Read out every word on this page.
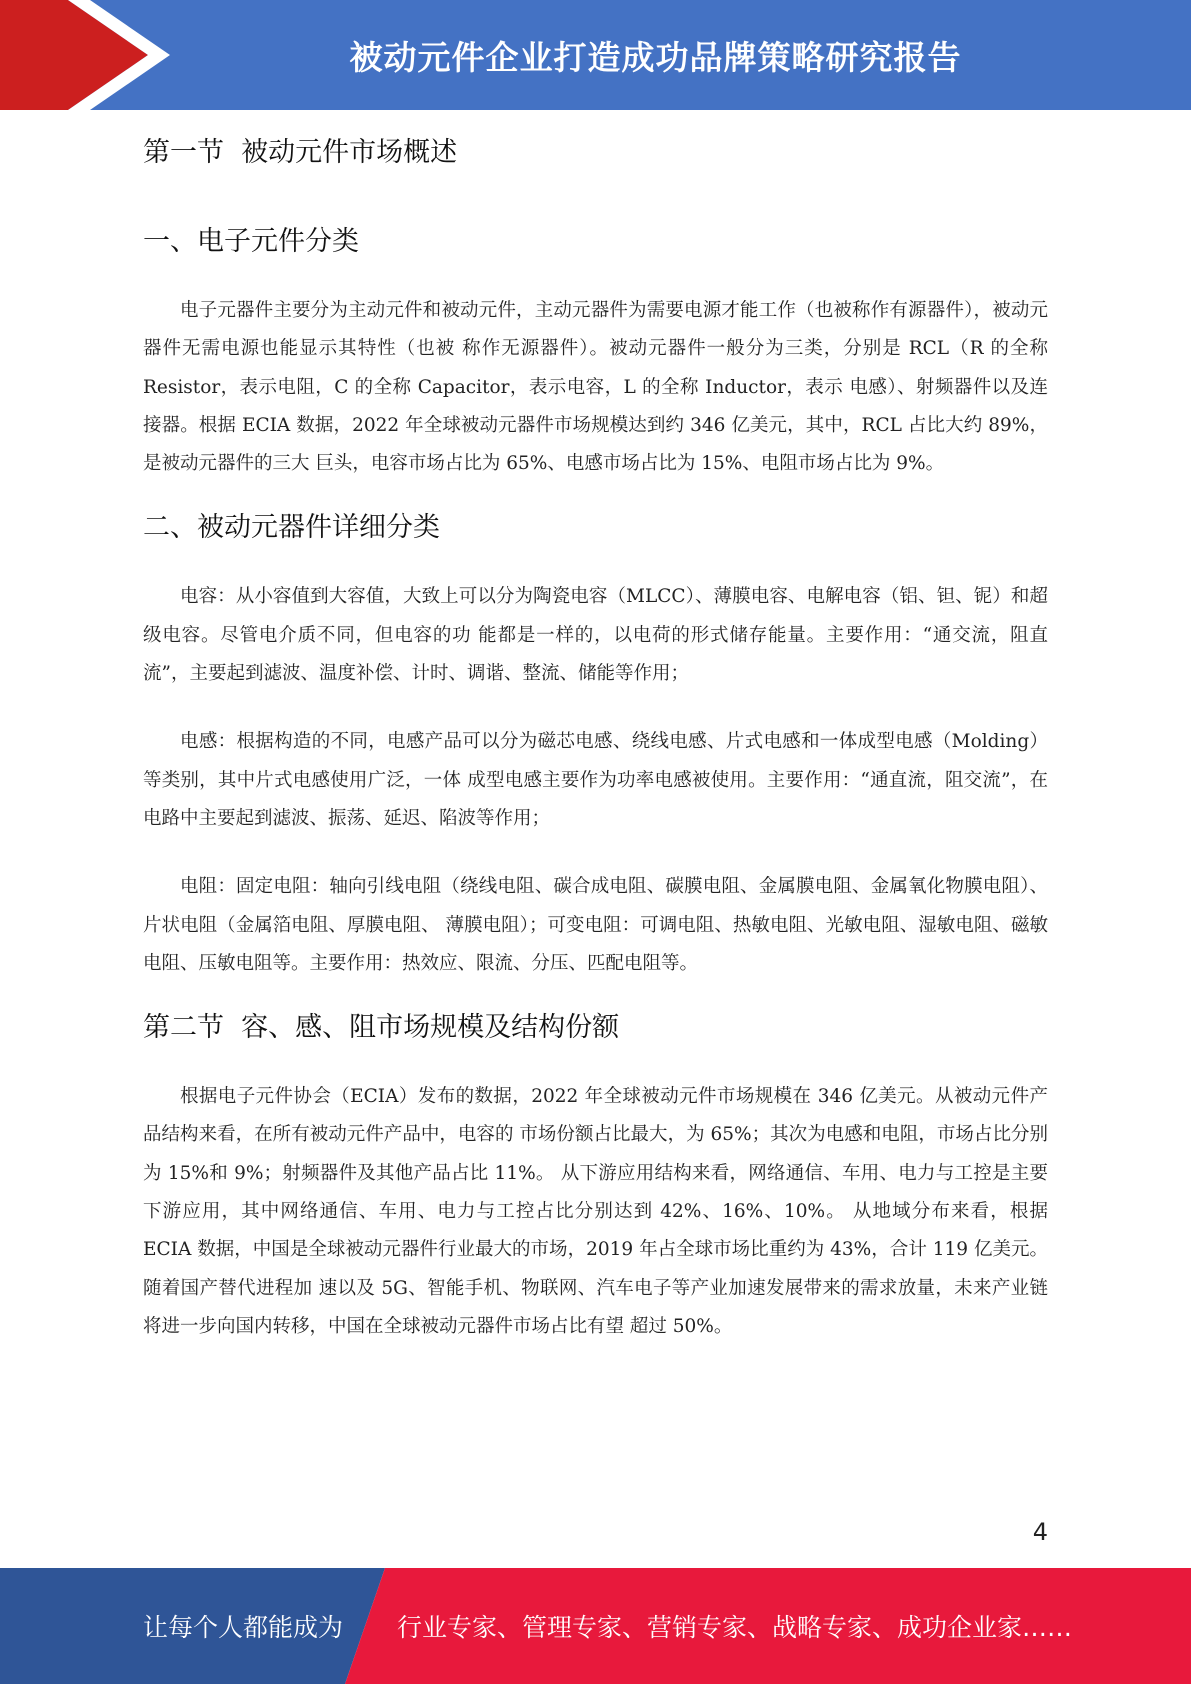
被动元件企业打造成功品牌策略研究报告
第一节  被动元件市场概述
一、电子元件分类

电子元器件主要分为主动元件和被动元件，主动元器件为需要电源才能工作（也被称作有源器件），被动元器件无需电源也能显示其特性（也被 称作无源器件）。被动元器件一般分为三类，分别是 RCL（R 的全称 Resistor，表示电阻，C 的全称 Capacitor，表示电容，L 的全称 Inductor，表示 电感）、射频器件以及连接器。根据 ECIA 数据，2022 年全球被动元器件市场规模达到约 346 亿美元，其中，RCL 占比大约 89%，是被动元器件的三大 巨头，电容市场占比为 65%、电感市场占比为 15%、电阻市场占比为 9%。

二、被动元器件详细分类

电容：从小容值到大容值，大致上可以分为陶瓷电容（MLCC）、薄膜电容、电解电容（铝、钽、铌）和超级电容。尽管电介质不同，但电容的功 能都是一样的，以电荷的形式储存能量。主要作用：“通交流，阻直流”，主要起到滤波、温度补偿、计时、调谐、整流、储能等作用；

电感：根据构造的不同，电感产品可以分为磁芯电感、绕线电感、片式电感和一体成型电感（Molding）等类别，其中片式电感使用广泛，一体 成型电感主要作为功率电感被使用。主要作用：“通直流，阻交流”，在电路中主要起到滤波、振荡、延迟、陷波等作用；

电阻：固定电阻：轴向引线电阻（绕线电阻、碳合成电阻、碳膜电阻、金属膜电阻、金属氧化物膜电阻）、片状电阻（金属箔电阻、厚膜电阻、 薄膜电阻）；可变电阻：可调电阻、热敏电阻、光敏电阻、湿敏电阻、磁敏电阻、压敏电阻等。主要作用：热效应、限流、分压、匹配电阻等。

第二节  容、感、阻市场规模及结构份额

根据电子元件协会（ECIA）发布的数据，2022 年全球被动元件市场规模在 346 亿美元。从被动元件产品结构来看，在所有被动元件产品中，电容的 市场份额占比最大，为 65%；其次为电感和电阻，市场占比分别为 15%和 9%；射频器件及其他产品占比 11%。 从下游应用结构来看，网络通信、车用、电力与工控是主要下游应用，其中网络通信、车用、电力与工控占比分别达到 42%、16%、10%。 从地域分布来看，根据 ECIA 数据，中国是全球被动元器件行业最大的市场，2019 年占全球市场比重约为 43%，合计 119 亿美元。随着国产替代进程加 速以及 5G、智能手机、物联网、汽车电子等产业加速发展带来的需求放量，未来产业链将进一步向国内转移，中国在全球被动元器件市场占比有望 超过 50%。

4
让每个人都能成为 行业专家、管理专家、营销专家、战略专家、成功企业家……
